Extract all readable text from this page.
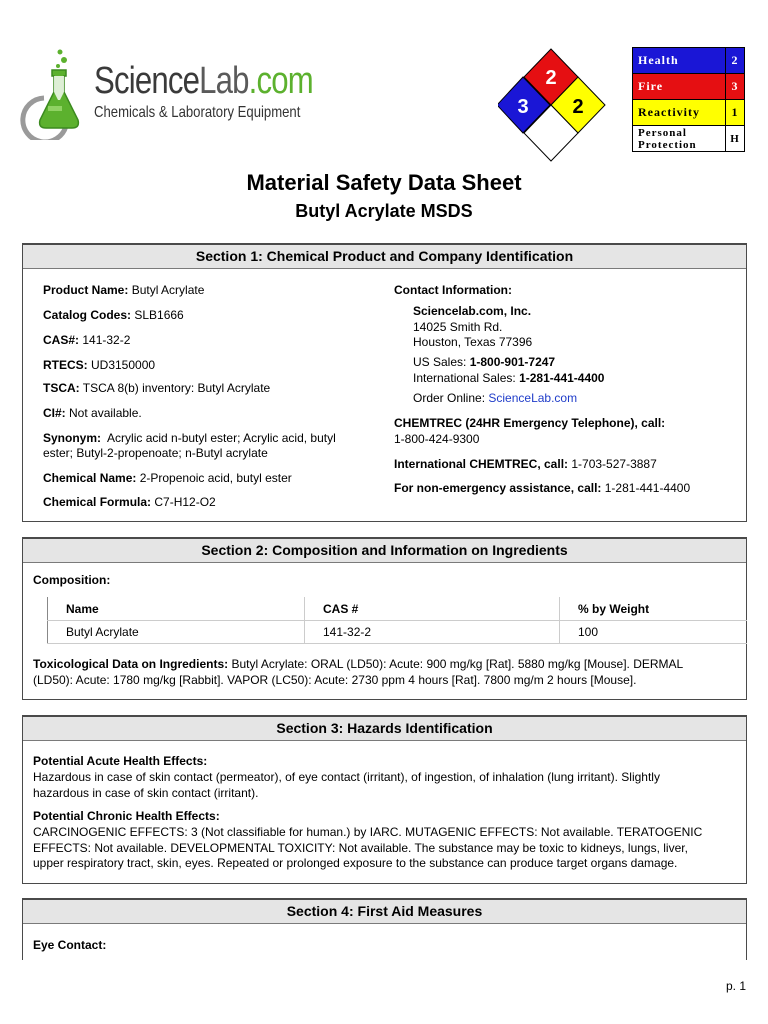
ScienceLab.com
Chemicals & Laboratory Equipment
2
3 2
Health	2
Fire	3
Reactivity	1
Personal
Protection	H
Material Safety Data Sheet
Butyl Acrylate MSDS
Section 1: Chemical Product and Company Identification
Product Name: Butyl Acrylate
Catalog Codes: SLB1666
CAS#: 141-32-2
RTECS: UD3150000
TSCA: TSCA 8(b) inventory: Butyl Acrylate
CI#: Not available.
Synonym:  Acrylic acid n-butyl ester; Acrylic acid, butyl
ester; Butyl-2-propenoate; n-Butyl acrylate
Chemical Name: 2-Propenoic acid, butyl ester
Chemical Formula: C7-H12-O2
Contact Information:
Sciencelab.com, Inc.
14025 Smith Rd.
Houston, Texas 77396
US Sales: 1-800-901-7247
International Sales: 1-281-441-4400
Order Online: ScienceLab.com
CHEMTREC (24HR Emergency Telephone), call:
1-800-424-9300
International CHEMTREC, call: 1-703-527-3887
For non-emergency assistance, call: 1-281-441-4400
Section 2: Composition and Information on Ingredients
Composition:
Name	CAS #	% by Weight
Butyl Acrylate	141-32-2	100
Toxicological Data on Ingredients: Butyl Acrylate: ORAL (LD50): Acute: 900 mg/kg [Rat]. 5880 mg/kg [Mouse]. DERMAL
(LD50): Acute: 1780 mg/kg [Rabbit]. VAPOR (LC50): Acute: 2730 ppm 4 hours [Rat]. 7800 mg/m 2 hours [Mouse].
Section 3: Hazards Identification
Potential Acute Health Effects:
Hazardous in case of skin contact (permeator), of eye contact (irritant), of ingestion, of inhalation (lung irritant). Slightly
hazardous in case of skin contact (irritant).
Potential Chronic Health Effects:
CARCINOGENIC EFFECTS: 3 (Not classifiable for human.) by IARC. MUTAGENIC EFFECTS: Not available. TERATOGENIC
EFFECTS: Not available. DEVELOPMENTAL TOXICITY: Not available. The substance may be toxic to kidneys, lungs, liver,
upper respiratory tract, skin, eyes. Repeated or prolonged exposure to the substance can produce target organs damage.
Section 4: First Aid Measures
Eye Contact:
p. 1
